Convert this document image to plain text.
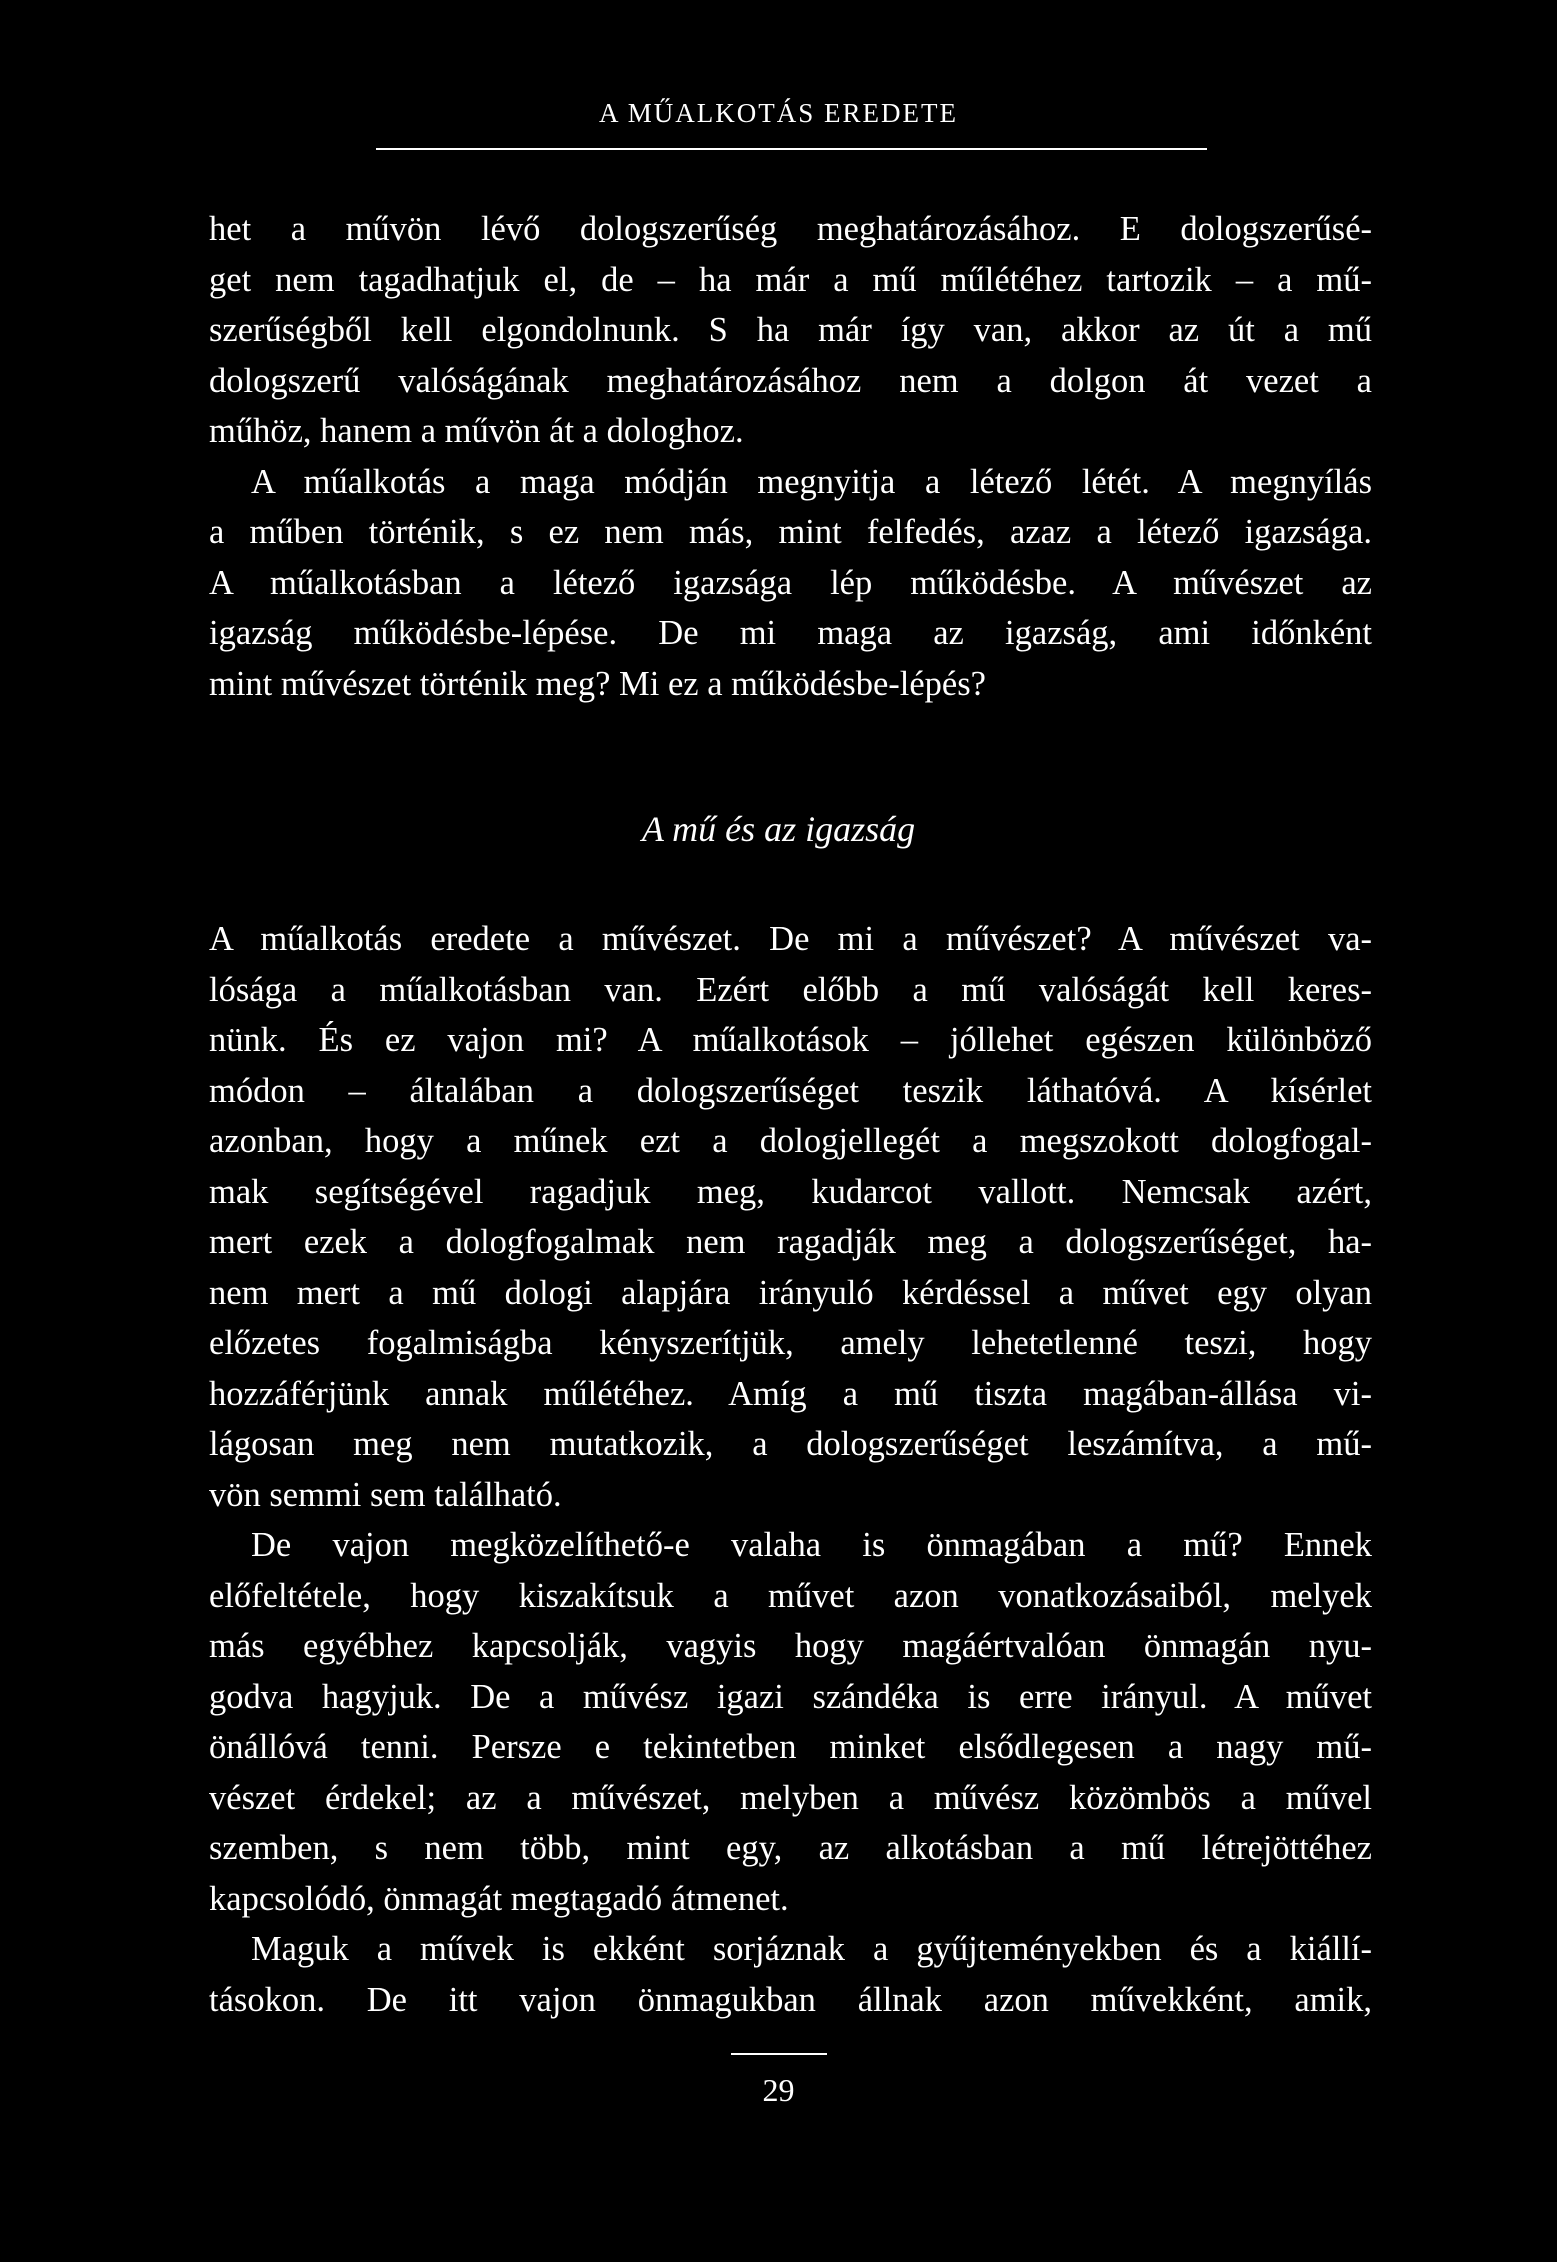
A MŰALKOTÁS EREDETE
het a művön lévő dologszerűség meghatározásához. E dologszerűsé-
get nem tagadhatjuk el, de – ha már a mű műlétéhez tartozik – a mű-
szerűségből kell elgondolnunk. S ha már így van, akkor az út a mű
dologszerű valóságának meghatározásához nem a dolgon át vezet a
műhöz, hanem a művön át a dologhoz.
A műalkotás a maga módján megnyitja a létező létét. A megnyílás
a műben történik, s ez nem más, mint felfedés, azaz a létező igazsága.
A műalkotásban a létező igazsága lép működésbe. A művészet az
igazság működésbe-lépése. De mi maga az igazság, ami időnként
mint művészet történik meg? Mi ez a működésbe-lépés?
A mű és az igazság
A műalkotás eredete a művészet. De mi a művészet? A művészet va-
lósága a műalkotásban van. Ezért előbb a mű valóságát kell keres-
nünk. És ez vajon mi? A műalkotások – jóllehet egészen különböző
módon – általában a dologszerűséget teszik láthatóvá. A kísérlet
azonban, hogy a műnek ezt a dologjellegét a megszokott dologfogal-
mak segítségével ragadjuk meg, kudarcot vallott. Nemcsak azért,
mert ezek a dologfogalmak nem ragadják meg a dologszerűséget, ha-
nem mert a mű dologi alapjára irányuló kérdéssel a művet egy olyan
előzetes fogalmiságba kényszerítjük, amely lehetetlenné teszi, hogy
hozzáférjünk annak műlétéhez. Amíg a mű tiszta magában-állása vi-
lágosan meg nem mutatkozik, a dologszerűséget leszámítva, a mű-
vön semmi sem található.
De vajon megközelíthető-e valaha is önmagában a mű? Ennek
előfeltétele, hogy kiszakítsuk a művet azon vonatkozásaiból, melyek
más egyébhez kapcsolják, vagyis hogy magáértvalóan önmagán nyu-
godva hagyjuk. De a művész igazi szándéka is erre irányul. A művet
önállóvá tenni. Persze e tekintetben minket elsődlegesen a nagy mű-
vészet érdekel; az a művészet, melyben a művész közömbös a művel
szemben, s nem több, mint egy, az alkotásban a mű létrejöttéhez
kapcsolódó, önmagát megtagadó átmenet.
Maguk a művek is ekként sorjáznak a gyűjteményekben és a kiállí-
tásokon. De itt vajon önmagukban állnak azon művekként, amik,
29
